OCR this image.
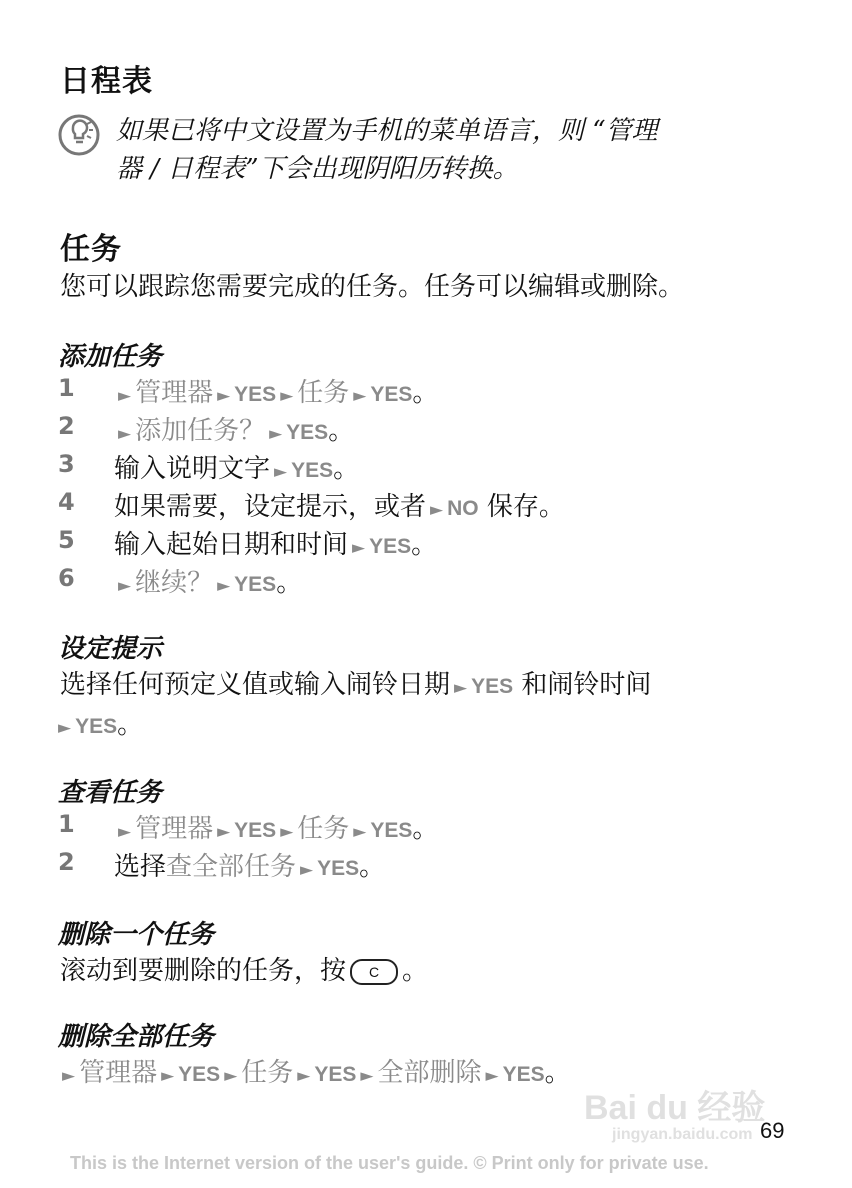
日程表
如果已将中文设置为手机的菜单语言，则 “管理
器 / 日程表”下会出现阴阳历转换。
任务
您可以跟踪您需要完成的任务。任务可以编辑或删除。
添加任务
1	► 管理器 ► YES ► 任务 ► YES。
2	► 添加任务？ ► YES。
3 输入说明文字 ► YES。
4 如果需要，设定提示，或者 ► NO 保存。
5 输入起始日期和时间 ► YES。
6	► 继续？ ► YES。
设定提示
选择任何预定义值或输入闹铃日期 ► YES 和闹铃时间
► YES。
查看任务
1	► 管理器 ► YES ► 任务 ► YES。
2 选择查全部任务 ► YES。
删除一个任务
滚动到要删除的任务，按 C 。
删除全部任务
► 管理器 ► YES ► 任务 ► YES ► 全部删除 ► YES。
Bai du 经验
jingyan.baidu.com 69
This is the Internet version of the user's guide. © Print only for private use.
